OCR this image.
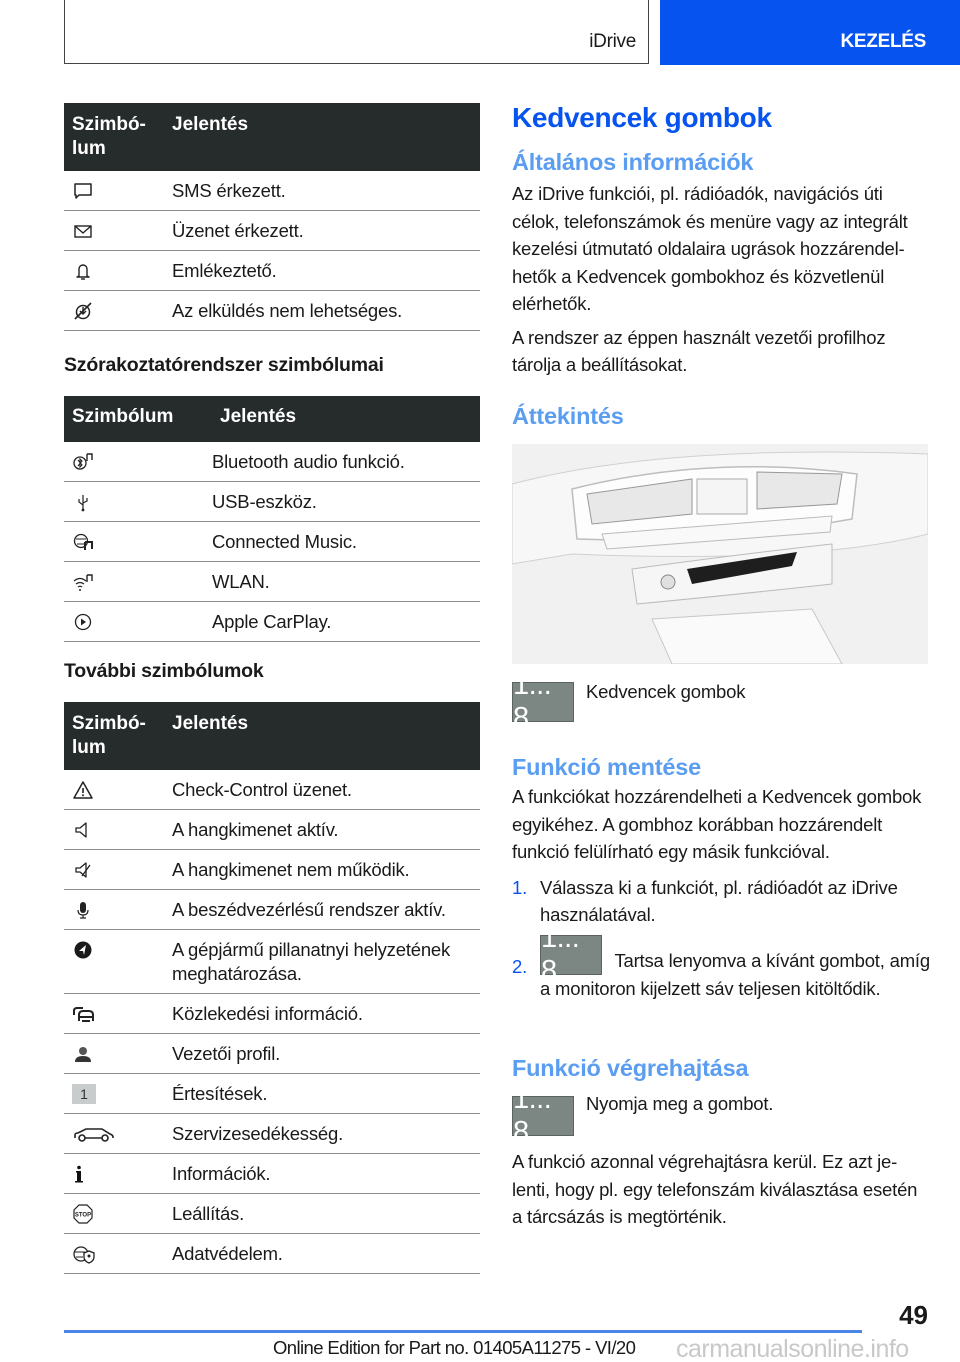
iDrive	KEZELÉS
Szimbó-
lum
Jelentés
SMS érkezett.
Üzenet érkezett.
Emlékeztető.
Az elküldés nem lehetséges.
Szórakoztatórendszer szimbólumai
Szimbólum	Jelentés
Bluetooth audio funkció.
USB-eszköz.
Connected Music.
WLAN.
Apple CarPlay.
További szimbólumok
Szimbó-
lum
Jelentés
Check-Control üzenet.
A hangkimenet aktív.
A hangkimenet nem működik.
A beszédvezérlésű rendszer aktív.
A gépjármű pillanatnyi helyzetének meghatározása.
Közlekedési információ.
Vezetői profil.
1	Értesítések.
Szervizesedékesség.
Információk.
STOP	Leállítás.
Adatvédelem.
Kedvencek gombok
Általános információk
Az iDrive funkciói, pl. rádióadók, navigációs úti célok, telefonszámok és menüre vagy az integrált kezelési útmutató oldalaira ugrások hozzárendelhetők a Kedvencek gombokhoz és közvetlenül elérhetők.
A rendszer az éppen használt vezetői profilhoz tárolja a beállításokat.
Áttekintés
1... 8
Kedvencek gombok
Funkció mentése
A funkciókat hozzárendelheti a Kedvencek gombok egyikéhez. A gombhoz korábban hozzárendelt funkció felülírható egy másik funkcióval.
1. Válassza ki a funkciót, pl. rádióadót az iDrive használatával.
2.
1... 8	Tartsa lenyomva a kívánt gombot, amíg a monitoron kijelzett sáv teljesen kitöltődik.
Funkció végrehajtása
1... 8
Nyomja meg a gombot.
A funkció azonnal végrehajtásra kerül. Ez azt jelenti, hogy pl. egy telefonszám kiválasztása esetén a tárcsázás is megtörténik.
49
Online Edition for Part no. 01405A11275 - VI/20 carmanualsonline.info
